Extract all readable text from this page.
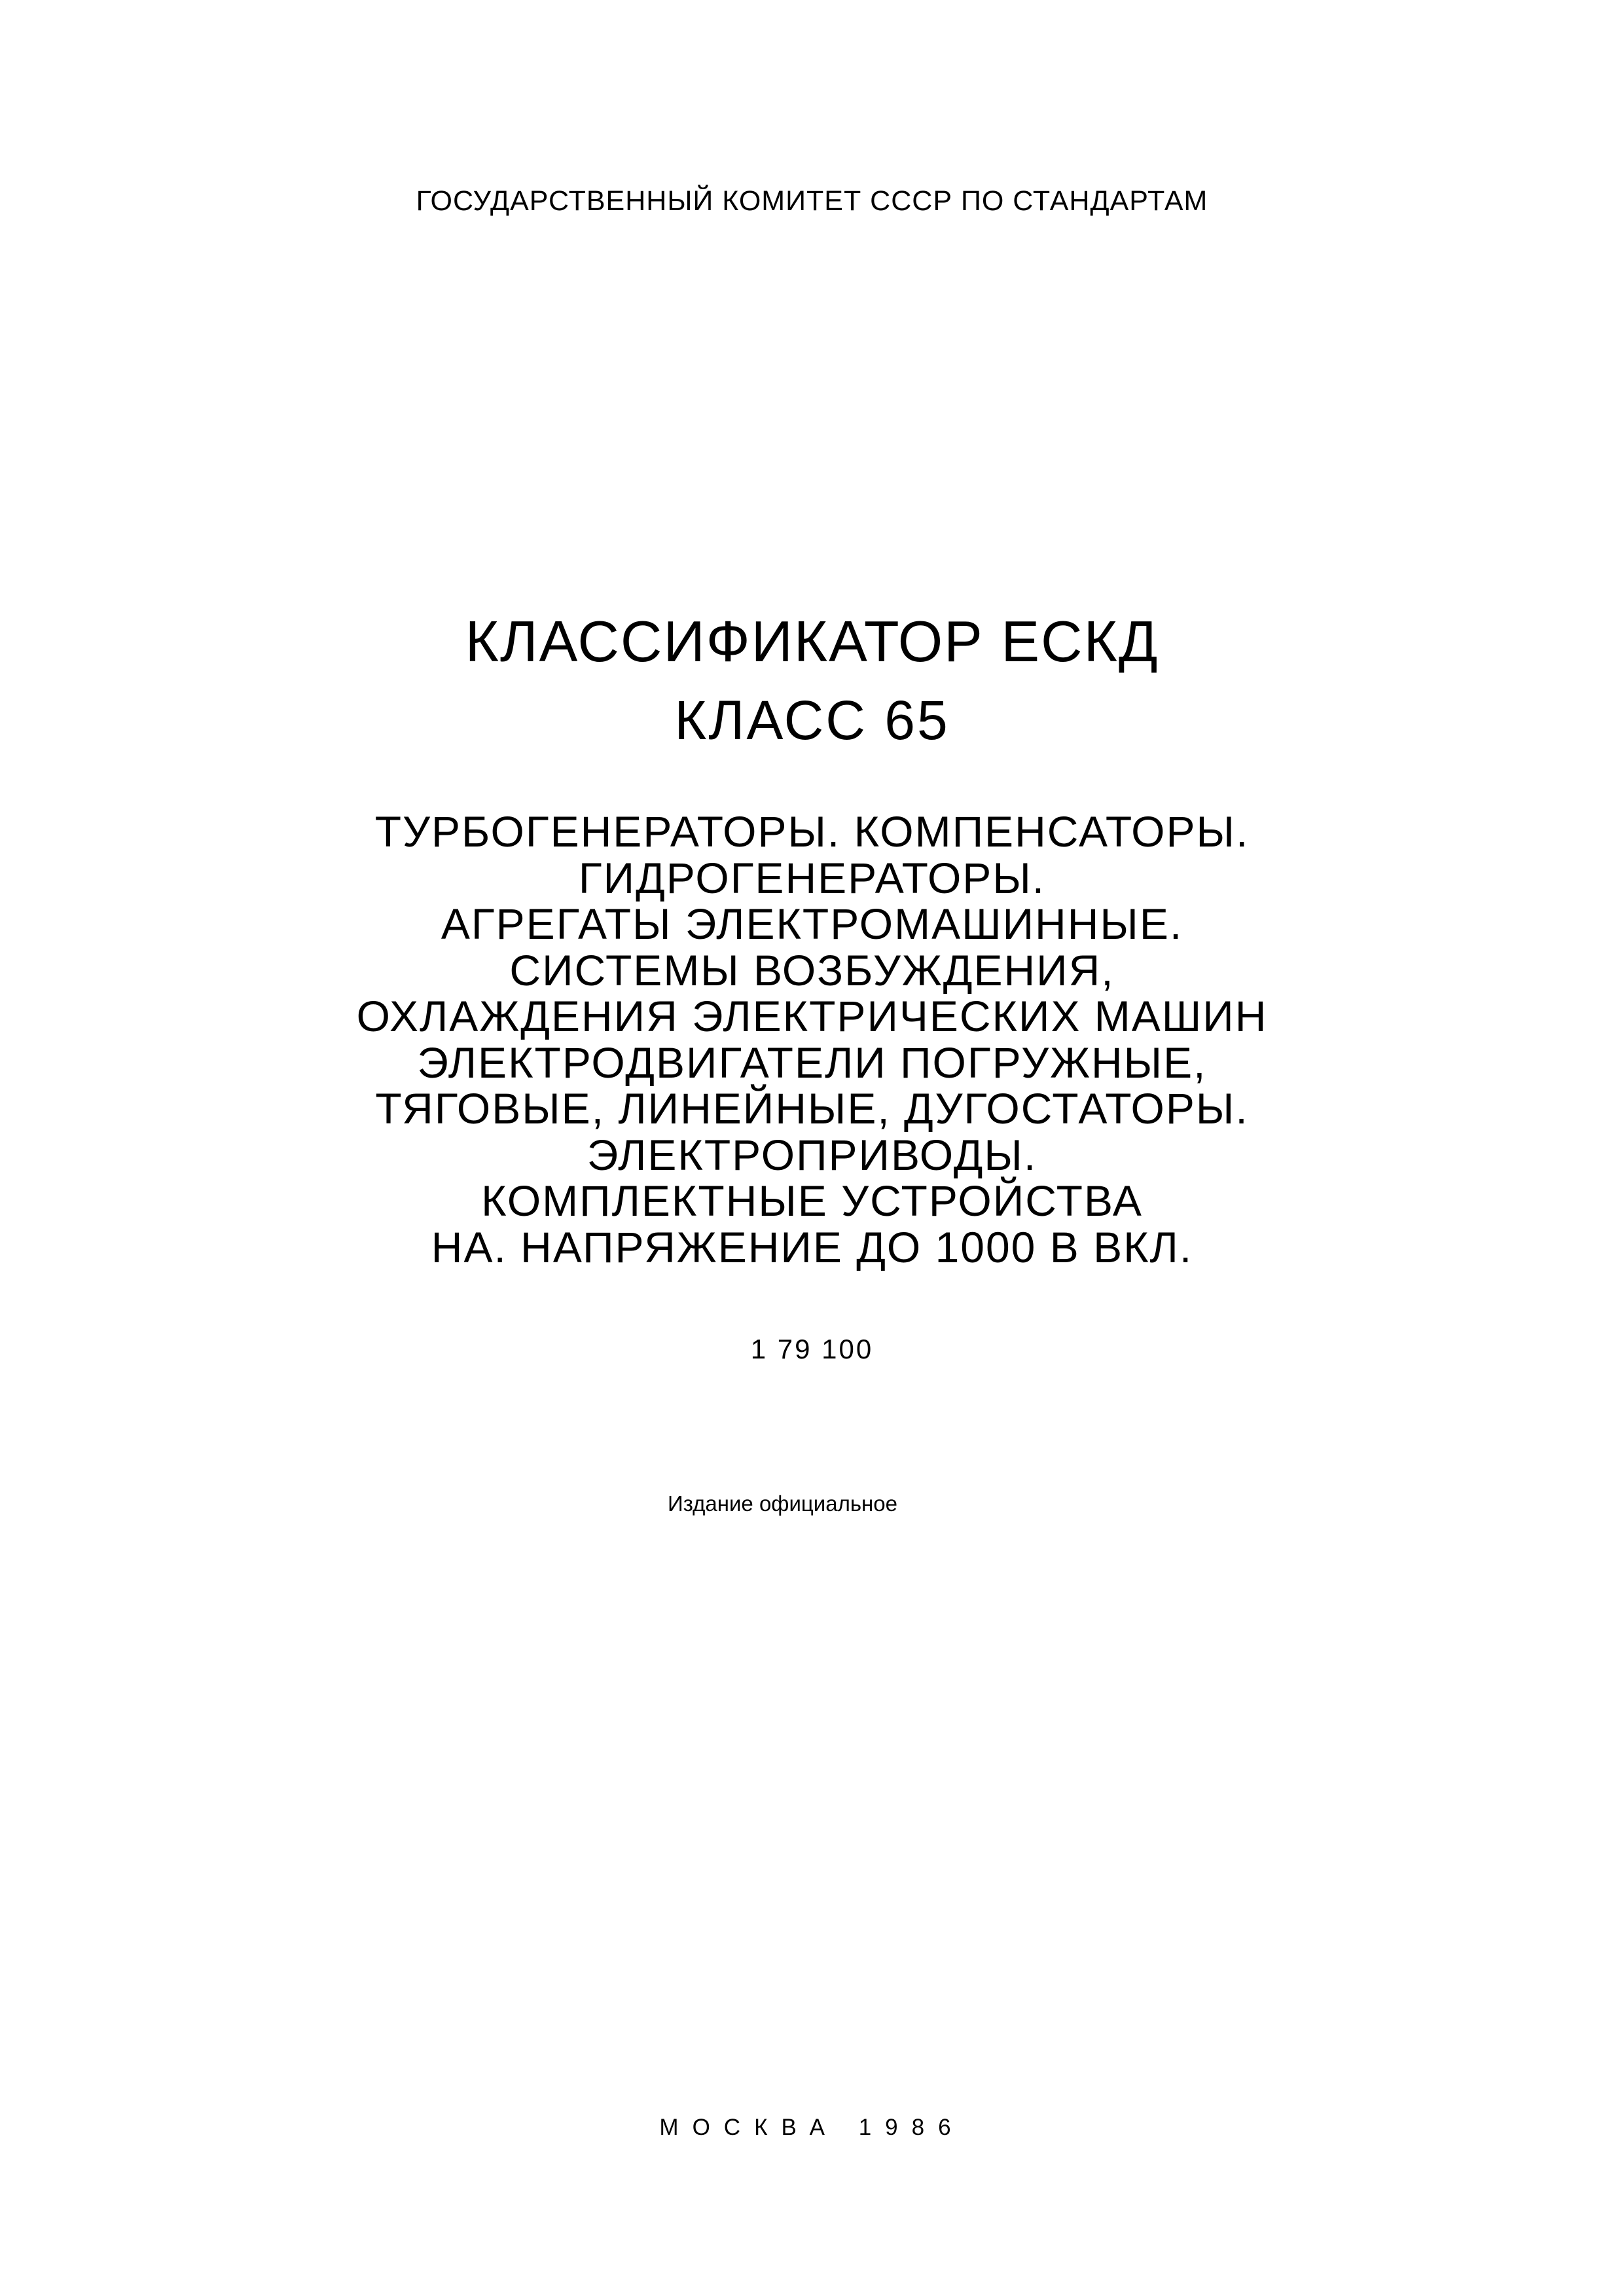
ГОСУДАРСТВЕННЫЙ КОМИТЕТ СССР ПО СТАНДАРТАМ
КЛАССИФИКАТОР ЕСКД
КЛАСС 65
ТУРБОГЕНЕРАТОРЫ. КОМПЕНСАТОРЫ.
ГИДРОГЕНЕРАТОРЫ.
АГРЕГАТЫ ЭЛЕКТРОМАШИННЫЕ.
СИСТЕМЫ ВОЗБУЖДЕНИЯ,
ОХЛАЖДЕНИЯ ЭЛЕКТРИЧЕСКИХ МАШИН
ЭЛЕКТРОДВИГАТЕЛИ ПОГРУЖНЫЕ,
ТЯГОВЫЕ, ЛИНЕЙНЫЕ, ДУГОСТАТОРЫ.
ЭЛЕКТРОПРИВОДЫ.
КОМПЛЕКТНЫЕ УСТРОЙСТВА
НА. НАПРЯЖЕНИЕ ДО 1000 В ВКЛ.
1 79 100
Издание официальное
МОСКВА 1986
